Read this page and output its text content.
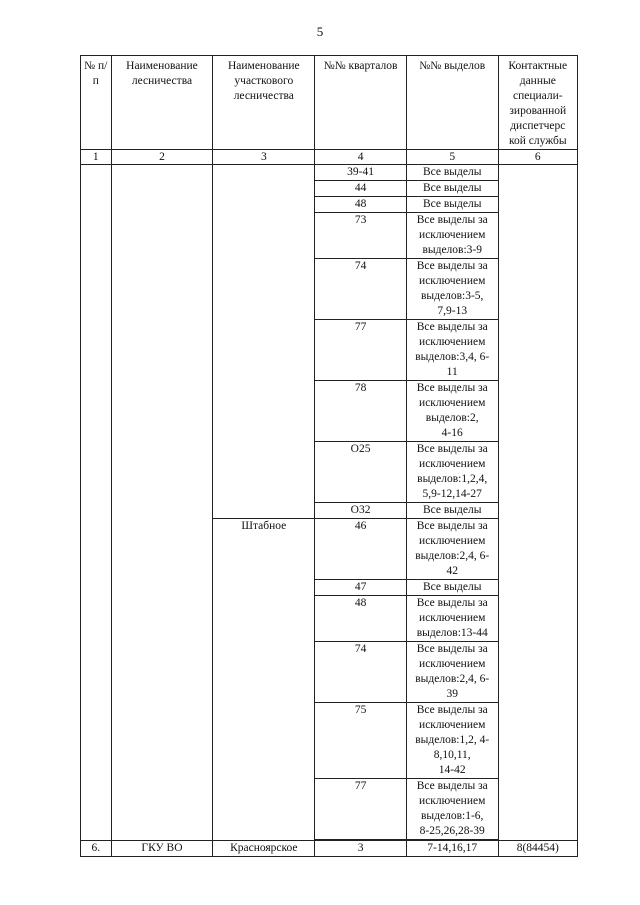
5
№ п/п	Наименование лесничества	Наименование участкового лесничества	№№ кварталов	№№ выделов	Контактные данные специали- зированной диспетчерс кой службы
1	2	3	4	5	6
			39-41	Все выделы	
			44	Все выделы	
			48	Все выделы	
			73	Все выделы за
исключением
выделов:3-9	
			74	Все выделы за
исключением
выделов:3-5,
7,9-13	
			77	Все выделы за
исключением
выделов:3,4, 6-
11	
			78	Все выделы за
исключением
выделов:2,
4-16	
			О25	Все выделы за
исключением
выделов:1,2,4,
5,9-12,14-27	
			О32	Все выделы	
		Штабное	46	Все выделы за
исключением
выделов:2,4, 6-
42	
			47	Все выделы	
			48	Все выделы за
исключением
выделов:13-44	
			74	Все выделы за
исключением
выделов:2,4, 6-
39	
			75	Все выделы за
исключением
выделов:1,2, 4-
8,10,11,
14-42	
			77	Все выделы за
исключением
выделов:1-6,
8-25,26,28-39	

6.	ГКУ ВО	Красноярское	3	7-14,16,17	8(84454)
